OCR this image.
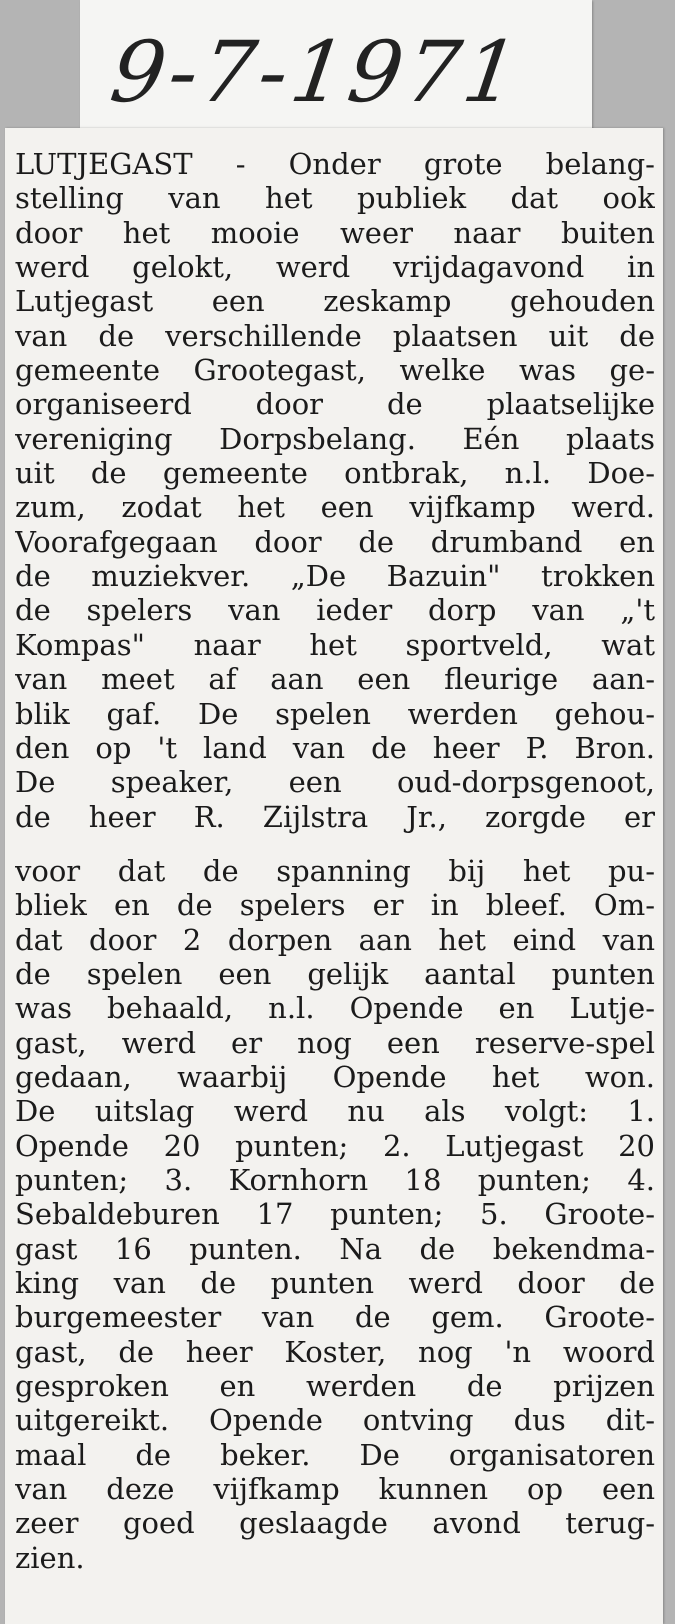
9-7-1971
LUTJEGAST - Onder grote belang-
stelling van het publiek dat ook
door het mooie weer naar buiten
werd gelokt, werd vrijdagavond in
Lutjegast een zeskamp gehouden
van de verschillende plaatsen uit de
gemeente Grootegast, welke was ge-
organiseerd door de plaatselijke
vereniging Dorpsbelang. Eén plaats
uit de gemeente ontbrak, n.l. Doe-
zum, zodat het een vijfkamp werd.
Voorafgegaan door de drumband en
de muziekver. „De Bazuin" trokken
de spelers van ieder dorp van „'t
Kompas" naar het sportveld, wat
van meet af aan een fleurige aan-
blik gaf. De spelen werden gehou-
den op 't land van de heer P. Bron.
De speaker, een oud-dorpsgenoot,
de heer R. Zijlstra Jr., zorgde er
voor dat de spanning bij het pu-
bliek en de spelers er in bleef. Om-
dat door 2 dorpen aan het eind van
de spelen een gelijk aantal punten
was behaald, n.l. Opende en Lutje-
gast, werd er nog een reserve-spel
gedaan, waarbij Opende het won.
De uitslag werd nu als volgt: 1.
Opende 20 punten; 2. Lutjegast 20
punten; 3. Kornhorn 18 punten; 4.
Sebaldeburen 17 punten; 5. Groote-
gast 16 punten. Na de bekendma-
king van de punten werd door de
burgemeester van de gem. Groote-
gast, de heer Koster, nog 'n woord
gesproken en werden de prijzen
uitgereikt. Opende ontving dus dit-
maal de beker. De organisatoren
van deze vijfkamp kunnen op een
zeer goed geslaagde avond terug-
zien.
